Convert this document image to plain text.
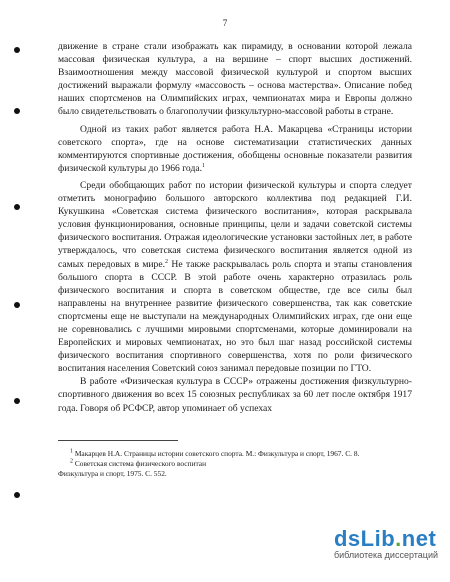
7

движение в стране стали изображать как пирамиду, в основании которой лежала массовая физическая культура, а на вершине – спорт высших достижений. Взаимоотношения между массовой физической культурой и спортом высших достижений выражали формулу «массовость – основа мастерства». Описание побед наших спортсменов на Олимпийских играх, чемпионатах мира и Европы должно было свидетельствовать о благополучии физкультурно-массовой работы в стране.

Одной из таких работ является работа Н.А. Макарцева «Страницы истории советского спорта», где на основе систематизации статистических данных комментируются спортивные достижения, обобщены основные показатели развития физической культуры до 1966 года.$^1$

Среди обобщающих работ по истории физической культуры и спорта следует отметить монографию большого авторского коллектива под редакцией Г.И. Кукушкина «Советская система физического воспитания», которая раскрывала условия функционирования, основные принципы, цели и задачи советской системы физического воспитания. Отражая идеологические установки застойных лет, в работе утверждалось, что советская система физического воспитания является одной из самых передовых в мире.$^2$ Не также раскрывалась роль спорта и этапы становления большого спорта в СССР. В этой работе очень характерно отразилась роль физического воспитания и спорта в советском обществе, где все силы был направлены на внутреннее развитие физического совершенства, так как советские спортсмены еще не выступали на международных Олимпийских играх, где они еще не соревновались с лучшими мировыми спортсменами, которые доминировали на Европейских и мировых чемпионатах, но это был шаг назад российской системы физического воспитания спортивного совершенства, хотя по роли физического воспитания населения Советский союз занимал передовые позиции по ГТО.

В работе «Физическая культура в СССР» отражены достижения физкультурно-спортивного движения во всех 15 союзных республиках за 60 лет после октября 1917 года. Говоря об РСФСР, автор упоминает об успехах

$^1$ Макарцев Н.А. Страницы истории советского спорта. М.: Физкультура и спорт, 1967. С. 8.

$^2$ Советская система физического воспитан

Физкультура и спорт, 1975. С. 552.

dsLib.net
библиотека диссертаций
